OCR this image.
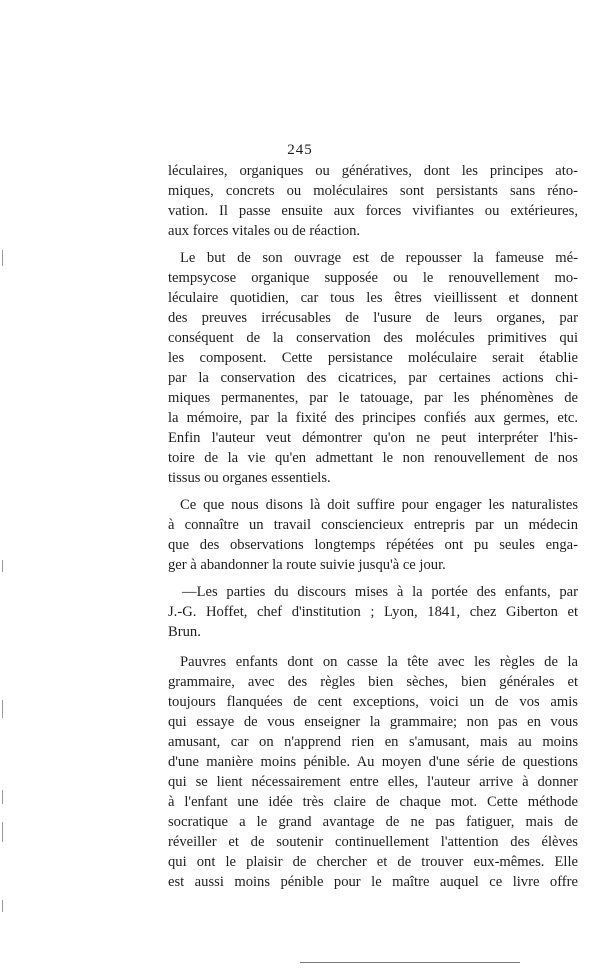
245
léculaires, organiques ou génératives, dont les principes ato-
miques, concrets ou moléculaires sont persistants sans réno-
vation. Il passe ensuite aux forces vivifiantes ou extérieures,
aux forces vitales ou de réaction.
Le but de son ouvrage est de repousser la fameuse mé-
tempsycose organique supposée ou le renouvellement mo-
léculaire quotidien, car tous les êtres vieillissent et donnent
des preuves irrécusables de l'usure de leurs organes, par
conséquent de la conservation des molécules primitives qui
les composent. Cette persistance moléculaire serait établie
par la conservation des cicatrices, par certaines actions chi-
miques permanentes, par le tatouage, par les phénomènes de
la mémoire, par la fixité des principes confiés aux germes, etc.
Enfin l'auteur veut démontrer qu'on ne peut interpréter l'his-
toire de la vie qu'en admettant le non renouvellement de nos
tissus ou organes essentiels.
Ce que nous disons là doit suffire pour engager les naturalistes
à connaître un travail consciencieux entrepris par un médecin
que des observations longtemps répétées ont pu seules enga-
ger à abandonner la route suivie jusqu'à ce jour.
—Les parties du discours mises à la portée des enfants, par
J.-G. Hoffet, chef d'institution ; Lyon, 1841, chez Giberton et
Brun.
Pauvres enfants dont on casse la tête avec les règles de la
grammaire, avec des règles bien sèches, bien générales et
toujours flanquées de cent exceptions, voici un de vos amis
qui essaye de vous enseigner la grammaire; non pas en vous
amusant, car on n'apprend rien en s'amusant, mais au moins
d'une manière moins pénible. Au moyen d'une série de questions
qui se lient nécessairement entre elles, l'auteur arrive à donner
à l'enfant une idée très claire de chaque mot. Cette méthode
socratique a le grand avantage de ne pas fatiguer, mais de
réveiller et de soutenir continuellement l'attention des élèves
qui ont le plaisir de chercher et de trouver eux-mêmes. Elle
est aussi moins pénible pour le maître auquel ce livre offre
